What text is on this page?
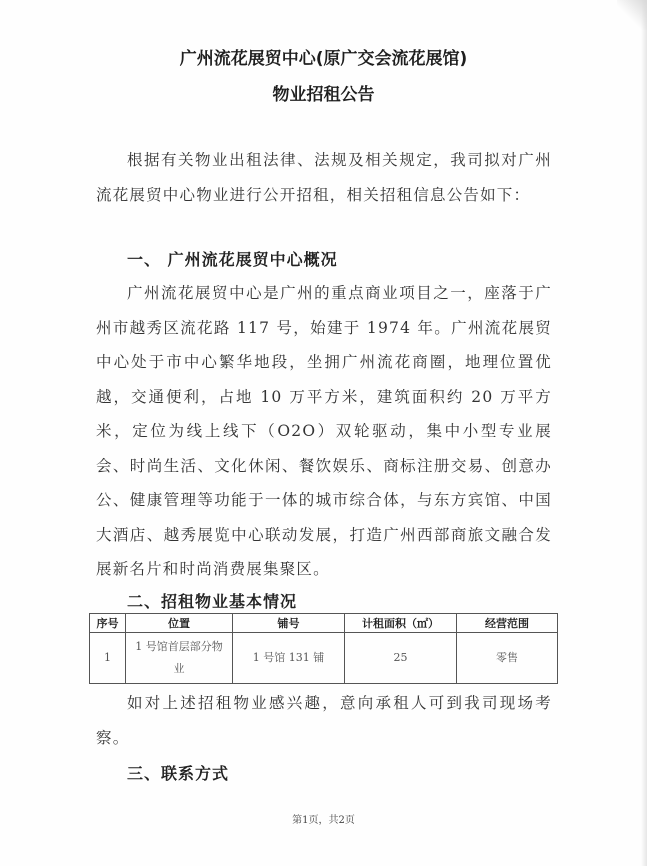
广州流花展贸中心(原广交会流花展馆)
物业招租公告
根据有关物业出租法律、法规及相关规定，我司拟对广州流花展贸中心物业进行公开招租，相关招租信息公告如下：
一、 广州流花展贸中心概况
广州流花展贸中心是广州的重点商业项目之一，座落于广州市越秀区流花路 117 号，始建于 1974 年。广州流花展贸中心处于市中心繁华地段，坐拥广州流花商圈，地理位置优越，交通便利，占地 10 万平方米，建筑面积约 20 万平方米，定位为线上线下（O2O）双轮驱动，集中小型专业展会、时尚生活、文化休闲、餐饮娱乐、商标注册交易、创意办公、健康管理等功能于一体的城市综合体，与东方宾馆、中国大酒店、越秀展览中心联动发展，打造广州西部商旅文融合发展新名片和时尚消费展集聚区。
二、招租物业基本情况
序号	位置	铺号	计租面积（㎡）	经营范围
1	1 号馆首层部分物业	1 号馆 131 铺	25	零售
如对上述招租物业感兴趣，意向承租人可到我司现场考察。
三、联系方式
第1页，共2页
